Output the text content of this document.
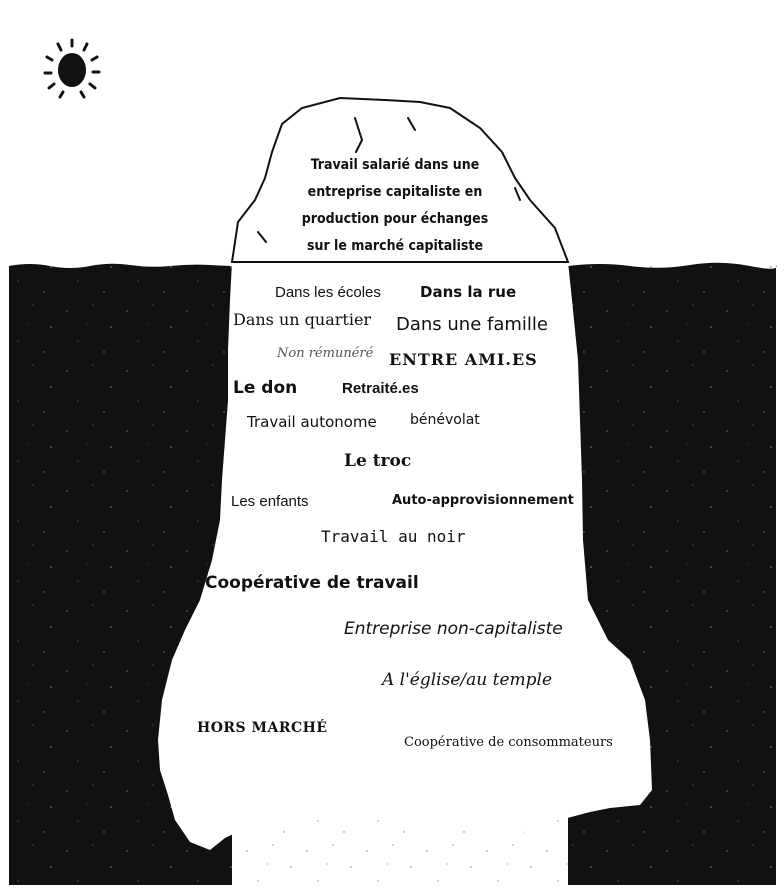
Travail salarié dans une
entreprise capitaliste en
production pour échanges
sur le marché capitaliste
Dans les écoles	Dans la rue
Dans un quartier Dans une famille
Non rémunéré ENTRE AMI.ES
Le don	Retraité.es
Travail autonome bénévolat
Le troc
Les enfants	Auto-approvisionnement
Travail au noir
Coopérative de travail
Entreprise non-capitaliste
A l'église/au temple
HORS MARCHÉ
Coopérative de consommateurs
